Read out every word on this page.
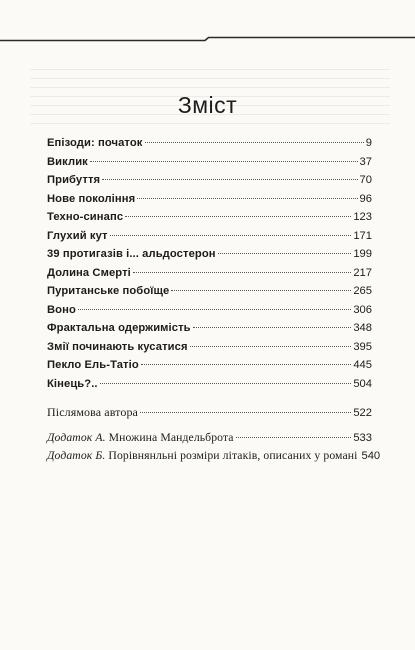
Зміст
Епізоди: початок	9
Виклик	37
Прибуття	70
Нове покоління	96
Техно-синапс	123
Глухий кут	171
39 протигазів і... альдостерон	199
Долина Смерті	217
Пуританське побоїще	265
Воно	306
Фрактальна одержимість	348
Змії починають кусатися	395
Пекло Ель-Татіо	445
Кінець?..	504
Післямова автора	522
Додаток А. Множина Мандельброта	533
Додаток Б. Порівнянльні розміри літаків, описаних у романі 540
